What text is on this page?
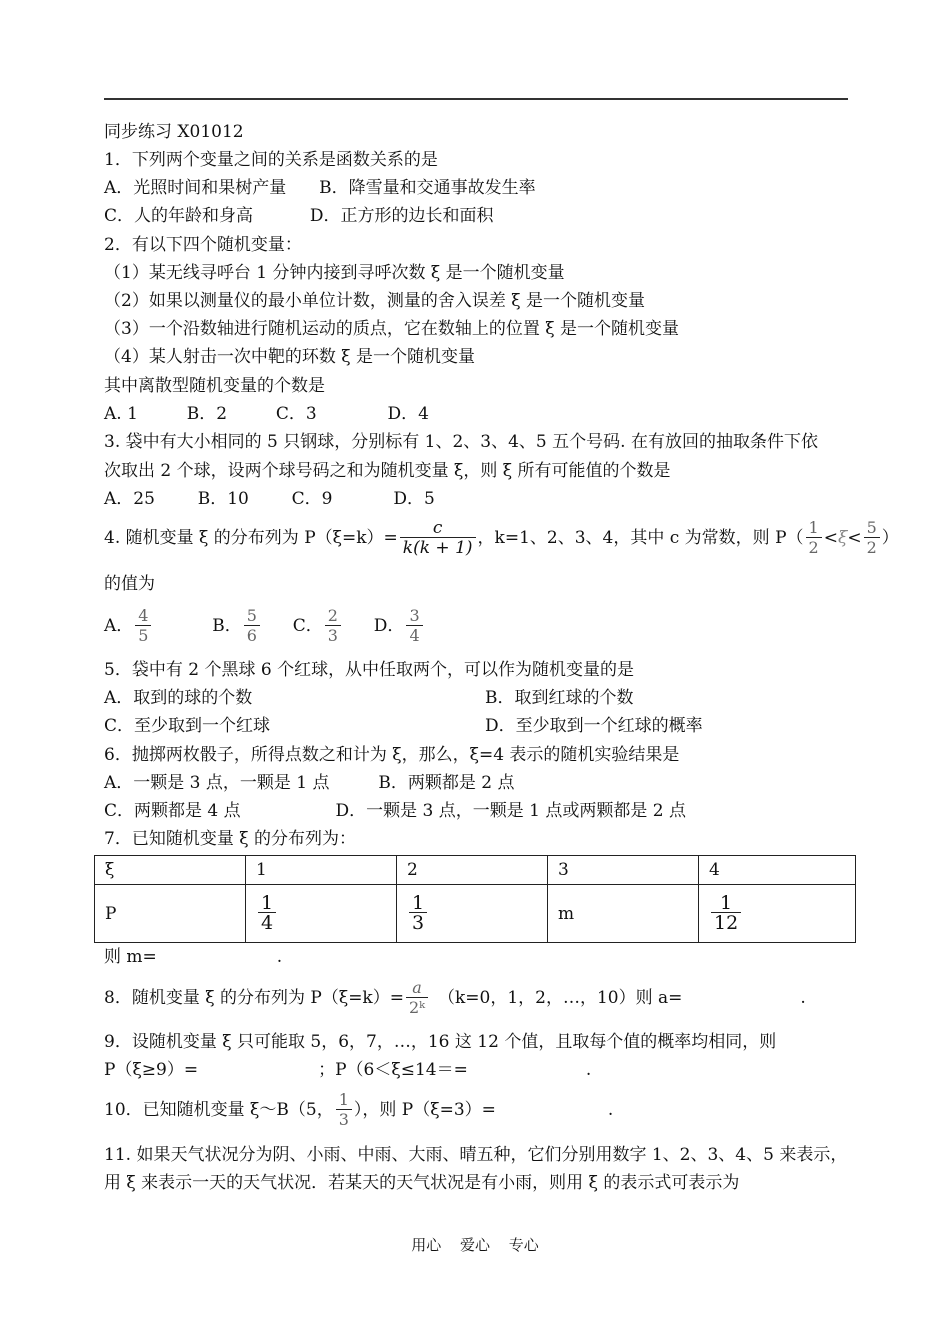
同步练习 X01012
1．下列两个变量之间的关系是函数关系的是
A．光照时间和果树产量 B．降雪量和交通事故发生率
C．人的年龄和身高	D．正方形的边长和面积
2．有以下四个随机变量：
（1）某无线寻呼台 1 分钟内接到寻呼次数 ξ 是一个随机变量
（2）如果以测量仪的最小单位计数，测量的舍入误差 ξ 是一个随机变量
（3）一个沿数轴进行随机运动的质点，它在数轴上的位置 ξ 是一个随机变量
（4）某人射击一次中靶的环数 ξ 是一个随机变量
其中离散型随机变量的个数是
A. 1	B．2	C．3	D．4
3. 袋中有大小相同的 5 只钢球，分别标有 1、2、3、4、5 五个号码. 在有放回的抽取条件下依
次取出 2 个球，设两个球号码之和为随机变量 ξ，则 ξ 所有可能值的个数是
A．25	B．10	C．9	D．5
4. 随机变量 ξ 的分布列为 $P(\xi=k)= \frac{c}{k(k + 1)}$ ，k=1、2、3、4，其中 c 为常数，则 $P( \frac{1}{2} <\xi< \frac{5}{2}$ ）
的值为
A． $\frac{4}{5}$	B． $\frac{5}{6}$ C． $\frac{2}{3}$ D． $\frac{3}{4}$
5．袋中有 2 个黑球 6 个红球，从中任取两个，可以作为随机变量的是
A．取到的球的个数	B．取到红球的个数
C．至少取到一个红球	D．至少取到一个红球的概率
6．抛掷两枚骰子，所得点数之和计为 ξ，那么，ξ=4 表示的随机实验结果是
A．一颗是 3 点，一颗是 1 点	B．两颗都是 2 点
C．两颗都是 4 点	D．一颗是 3 点，一颗是 1 点或两颗都是 2 点
7．已知随机变量 ξ 的分布列为：
ξ	1	2	3	4
P	$\frac{1}{4}$	$\frac{1}{3}$	m	$\frac{1}{12}$
则 m=	.
8．随机变量 ξ 的分布列为 $P(\xi=k)= \frac{a}{\text{2ᵏ}} (k=0$，1，2，…，10）则 a=	.
9．设随机变量 ξ 只可能取 5，6，7，…，16 这 12 个值，且取每个值的概率均相同，则
P（ξ≥9）=	；P（6＜ξ≤14＝=	.
10．已知随机变量 ξ～B（5， $\frac{1}{3}$ ），则 P（ξ=3）=	.
11. 如果天气状况分为阴、小雨、中雨、大雨、晴五种，它们分别用数字 1、2、3、4、5 来表示，
用 ξ 来表示一天的天气状况．若某天的天气状况是有小雨，则用 ξ 的表示式可表示为
用心 爱心 专心
